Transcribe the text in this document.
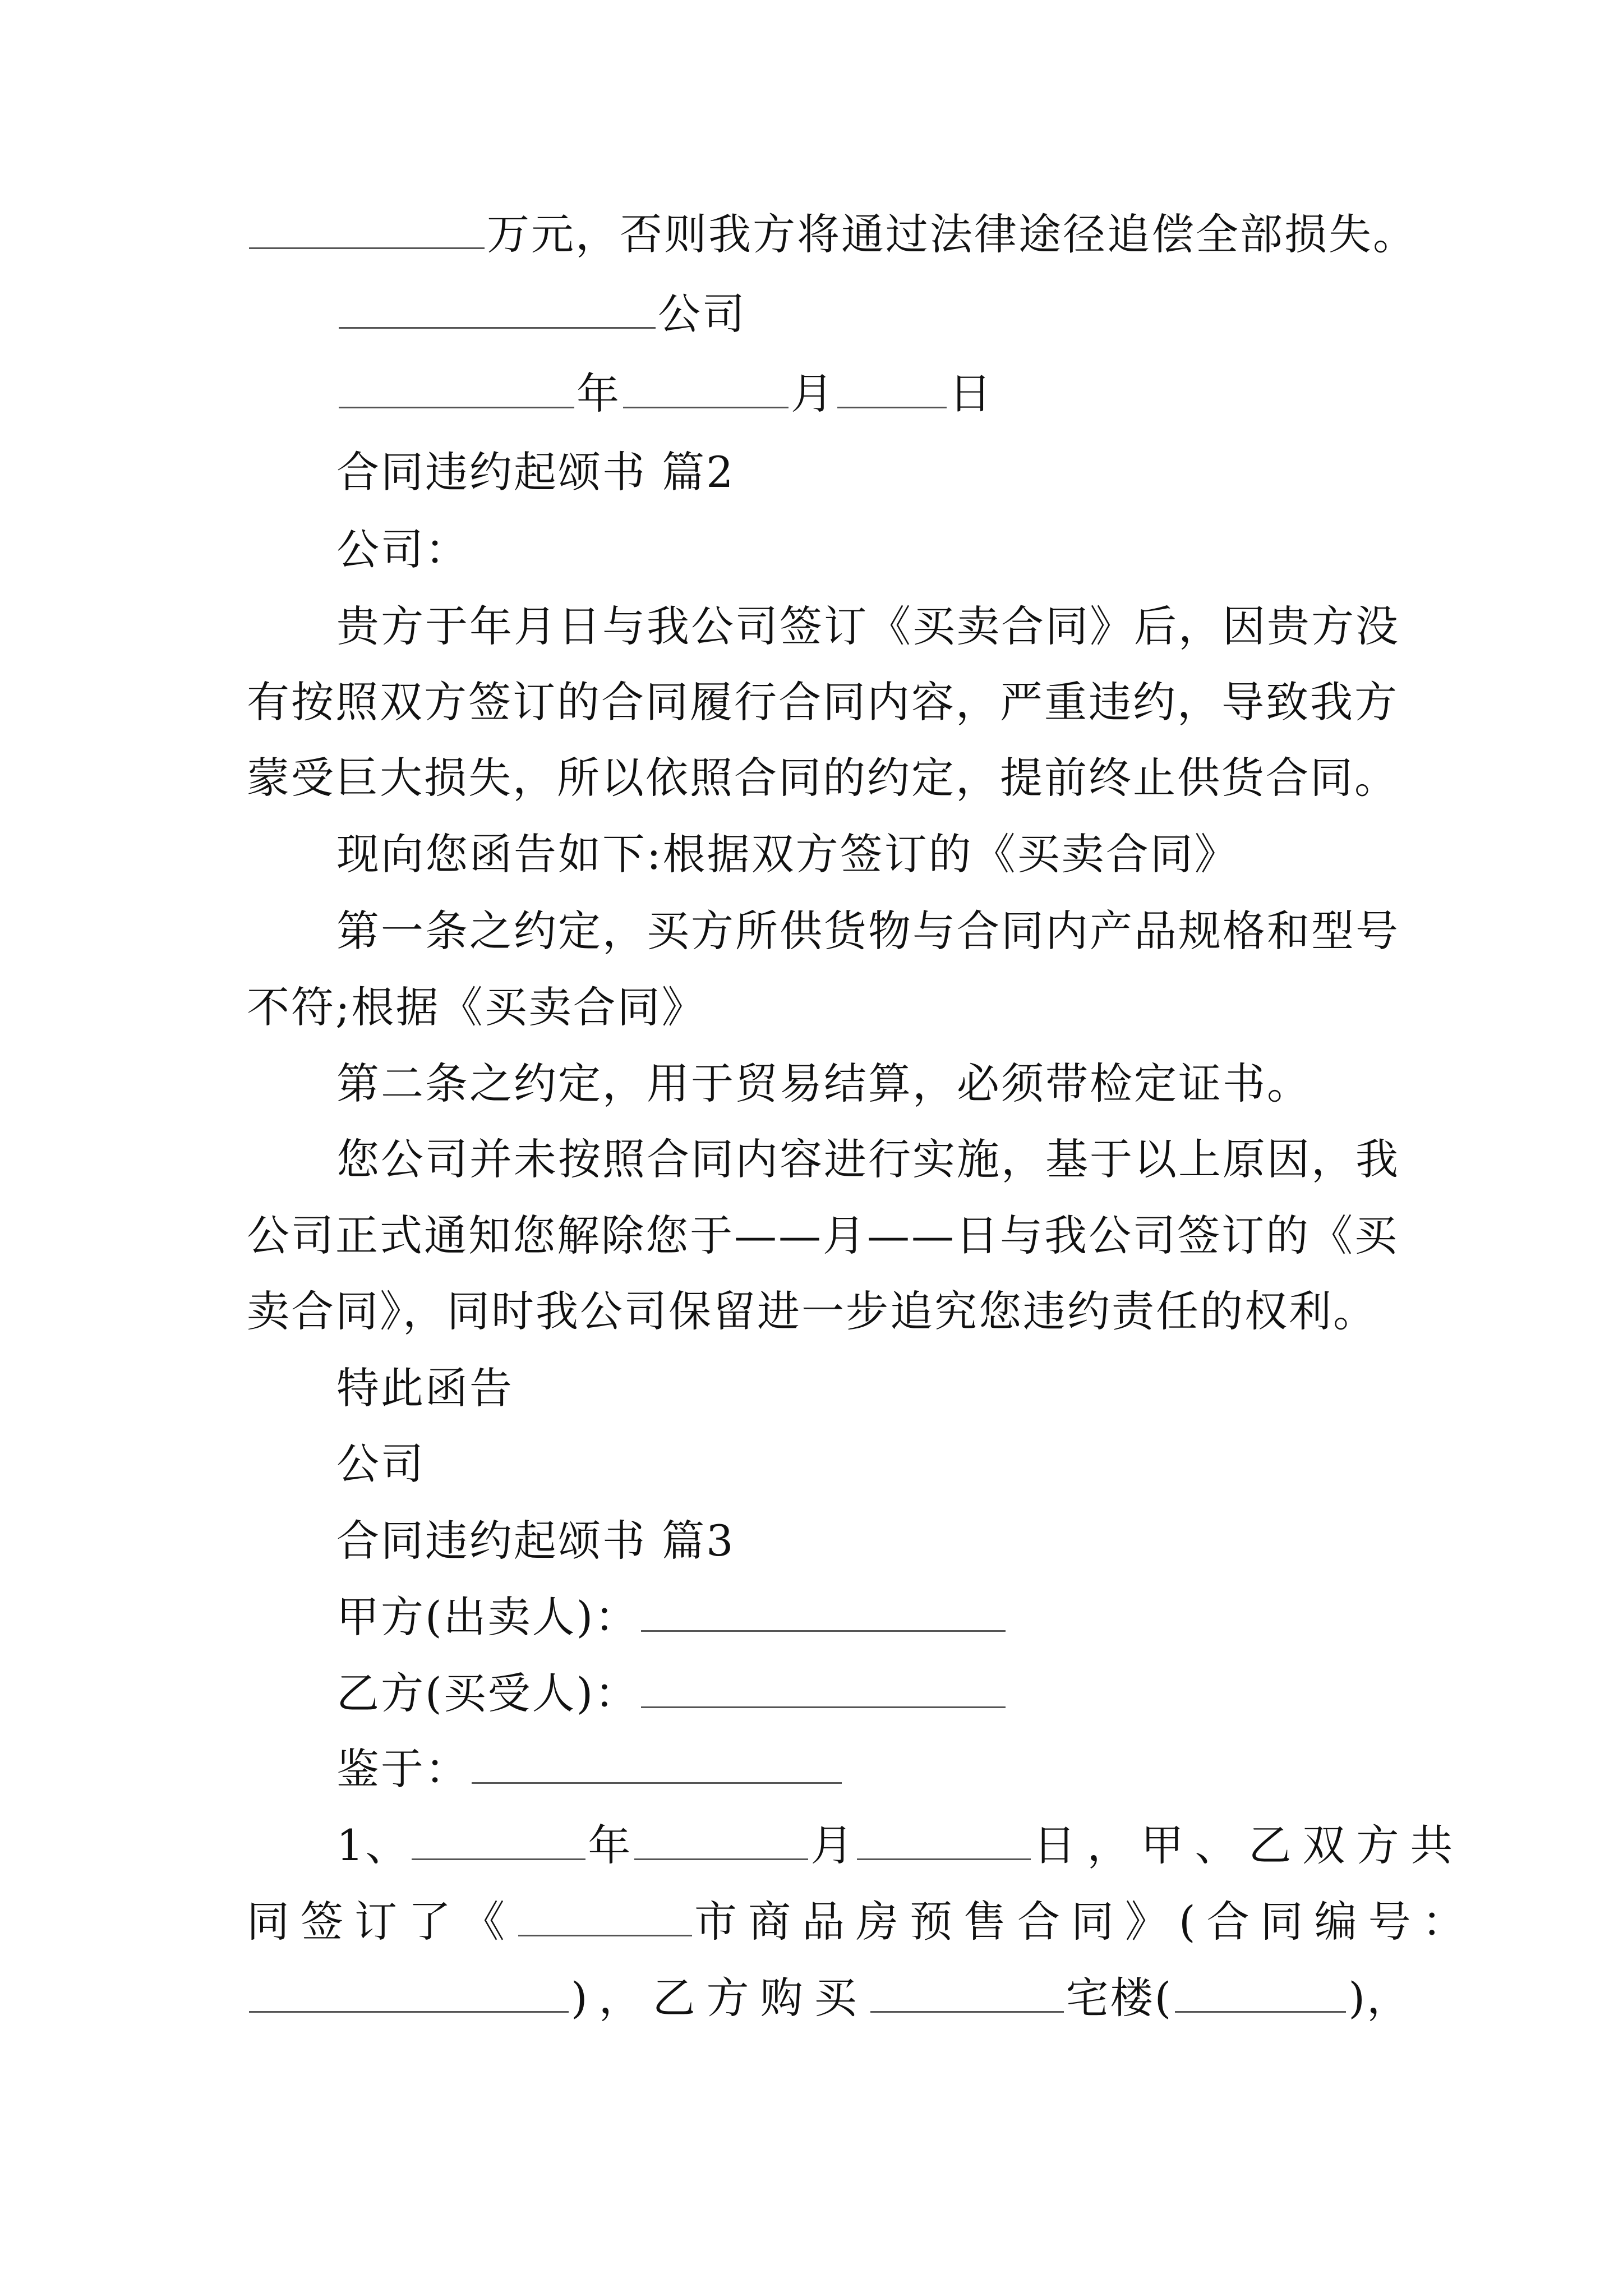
万元，否则我方将通过法律途径追偿全部损失。
公司
年	月	日
合同违约起颂书 篇2
公司：
贵方于年月日与我公司签订《买卖合同》后，因贵方没
有按照双方签订的合同履行合同内容，严重违约，导致我方
蒙受巨大损失，所以依照合同的约定，提前终止供货合同。
现向您函告如下:根据双方签订的《买卖合同》
第一条之约定，买方所供货物与合同内产品规格和型号
不符;根据《买卖合同》
第二条之约定，用于贸易结算，必须带检定证书。
您公司并未按照合同内容进行实施，基于以上原因，我
公司正式通知您解除您于——月——日与我公司签订的《买
卖合同》，同时我公司保留进一步追究您违约责任的权利。
特此函告
公司
合同违约起颂书 篇3
甲方(出卖人)：
乙方(买受人)：
鉴于：
1、	年	月	日，甲、乙双方共
同签订了《	市商品房预售合同》(合同编号：
)，乙方购买	宅楼(	)，
